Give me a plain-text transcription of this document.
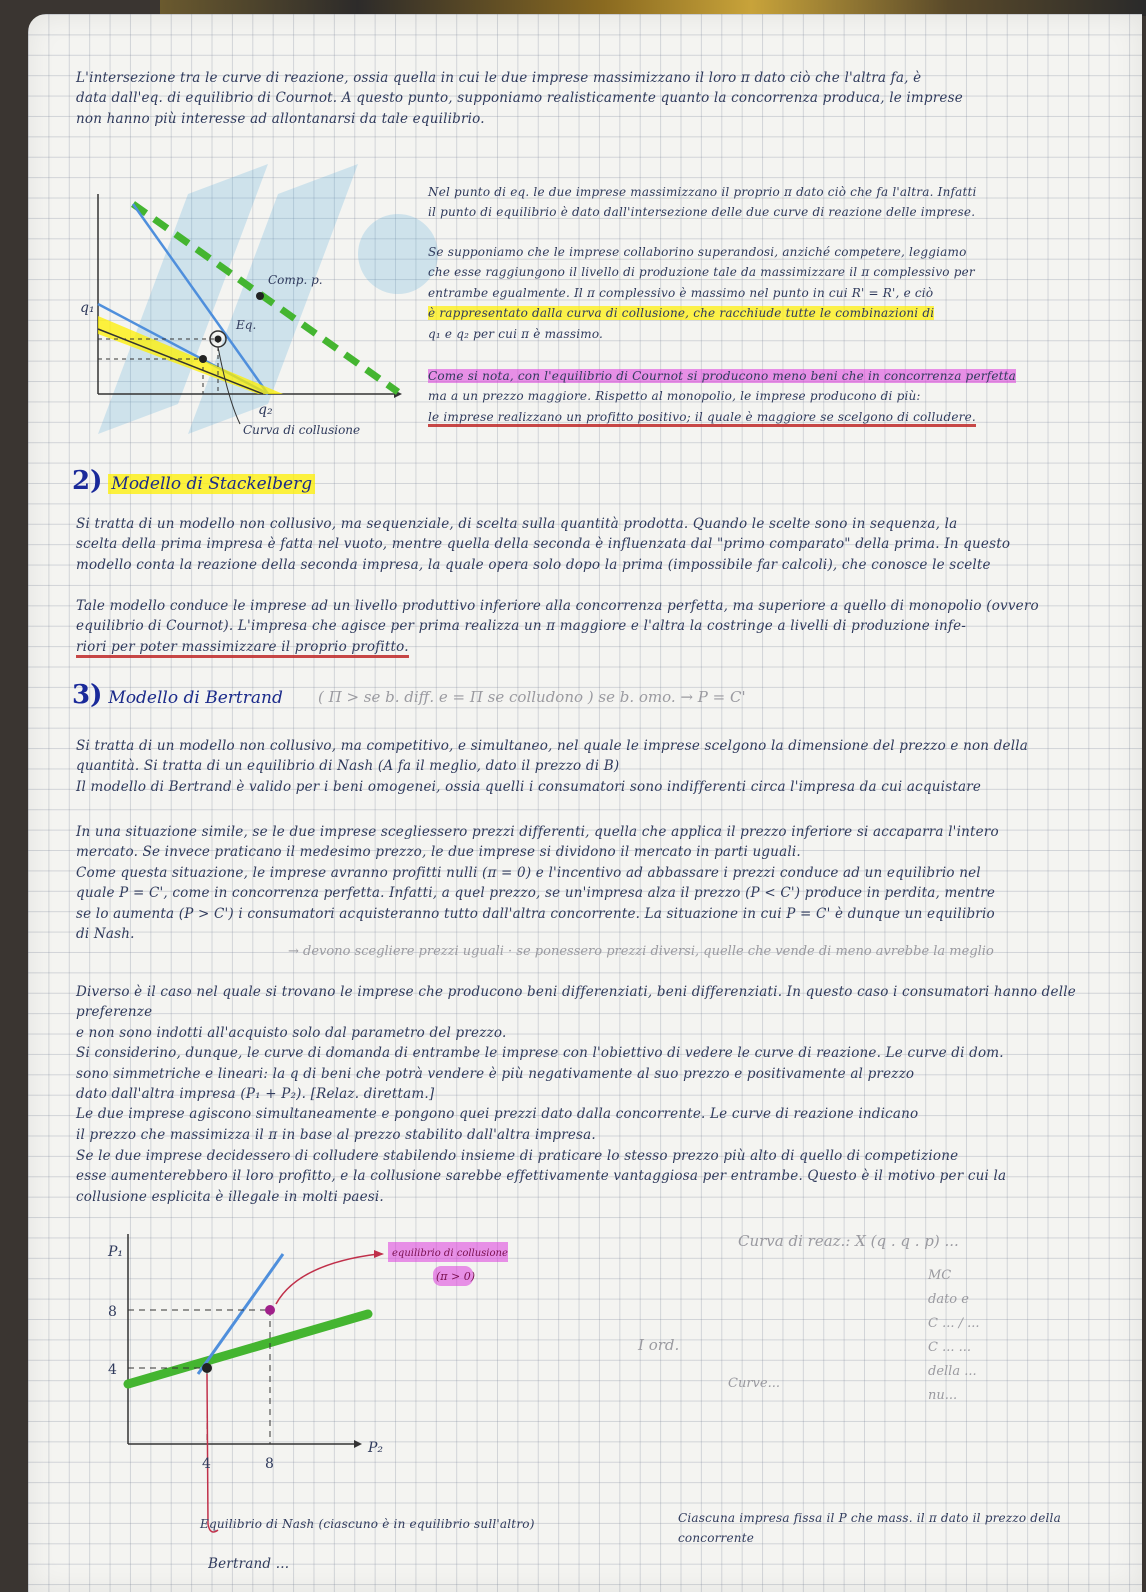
L'intersezione tra le curve di reazione, ossia quella in cui le due imprese massimizzano il loro π dato ciò che l'altra fa, è
data dall'eq. di equilibrio di Cournot. A questo punto, supponiamo realisticamente quanto la concorrenza produca, le imprese
non hanno più interesse ad allontanarsi da tale equilibrio.
q₁
q₂
Comp. p.
Eq.
Curva di collusione
Nel punto di eq. le due imprese massimizzano il proprio π dato ciò che fa l'altra. Infatti
il punto di equilibrio è dato dall'intersezione delle due curve di reazione delle imprese.
Se supponiamo che le imprese collaborino superandosi, anziché competere, leggiamo
che esse raggiungono il livello di produzione tale da massimizzare il π complessivo per
entrambe egualmente. Il π complessivo è massimo nel punto in cui R' = R', e ciò
è rappresentato dalla curva di collusione, che racchiude tutte le combinazioni di
q₁ e q₂ per cui π è massimo.
Come si nota, con l'equilibrio di Cournot si producono meno beni che in concorrenza perfetta
ma a un prezzo maggiore. Rispetto al monopolio, le imprese producono di più:
le imprese realizzano un profitto positivo; il quale è maggiore se scelgono di colludere.
2) Modello di Stackelberg
Si tratta di un modello non collusivo, ma sequenziale, di scelta sulla quantità prodotta. Quando le scelte sono in sequenza, la
scelta della prima impresa è fatta nel vuoto, mentre quella della seconda è influenzata dal "primo comparato" della prima. In questo
modello conta la reazione della seconda impresa, la quale opera solo dopo la prima (impossibile far calcoli), che conosce le scelte
Tale modello conduce le imprese ad un livello produttivo inferiore alla concorrenza perfetta, ma superiore a quello di monopolio (ovvero
equilibrio di Cournot). L'impresa che agisce per prima realizza un π maggiore e l'altra la costringe a livelli di produzione infe-
riori per poter massimizzare il proprio profitto.
3) Modello di Bertrand ( Π > se b. diff. e = Π se colludono ) se b. omo. → P = C'
Si tratta di un modello non collusivo, ma competitivo, e simultaneo, nel quale le imprese scelgono la dimensione del prezzo e non della
quantità. Si tratta di un equilibrio di Nash (A fa il meglio, dato il prezzo di B)
Il modello di Bertrand è valido per i beni omogenei, ossia quelli i consumatori sono indifferenti circa l'impresa da cui acquistare
In una situazione simile, se le due imprese scegliessero prezzi differenti, quella che applica il prezzo inferiore si accaparra l'intero
mercato. Se invece praticano il medesimo prezzo, le due imprese si dividono il mercato in parti uguali.
Come questa situazione, le imprese avranno profitti nulli (π = 0) e l'incentivo ad abbassare i prezzi conduce ad un equilibrio nel
quale P = C', come in concorrenza perfetta. Infatti, a quel prezzo, se un'impresa alza il prezzo (P < C') produce in perdita, mentre
se lo aumenta (P > C') i consumatori acquisteranno tutto dall'altra concorrente. La situazione in cui P = C' è dunque un equilibrio
di Nash.
→ devono scegliere prezzi uguali · se ponessero prezzi diversi, quelle che vende di meno avrebbe la meglio
Diverso è il caso nel quale si trovano le imprese che producono beni differenziati, beni differenziati. In questo caso i consumatori hanno delle preferenze
e non sono indotti all'acquisto solo dal parametro del prezzo.
Si considerino, dunque, le curve di domanda di entrambe le imprese con l'obiettivo di vedere le curve di reazione. Le curve di dom.
sono simmetriche e lineari: la q di beni che potrà vendere è più negativamente al suo prezzo e positivamente al prezzo
dato dall'altra impresa (P₁ + P₂). [Relaz. direttam.]
Le due imprese agiscono simultaneamente e pongono quei prezzi dato dalla concorrente. Le curve di reazione indicano
il prezzo che massimizza il π in base al prezzo stabilito dall'altra impresa.
Se le due imprese decidessero di colludere stabilendo insieme di praticare lo stesso prezzo più alto di quello di competizione
esse aumenterebbero il loro profitto, e la collusione sarebbe effettivamente vantaggiosa per entrambe. Questo è il motivo per cui la
collusione esplicita è illegale in molti paesi.
P₁
P₂
8
4
4	8
equilibrio di collusione
(π > 0)
Equilibrio di Nash (ciascuno è in equilibrio sull'altro)	Ciascuna impresa fissa il P che mass. il π dato il prezzo della concorrente
Curva di reaz.: X (q . q . p) ...
MC
dato e
C ... / ...
C ... ...
della ...
nu...
I ord.
Curve...
Bertrand ...
